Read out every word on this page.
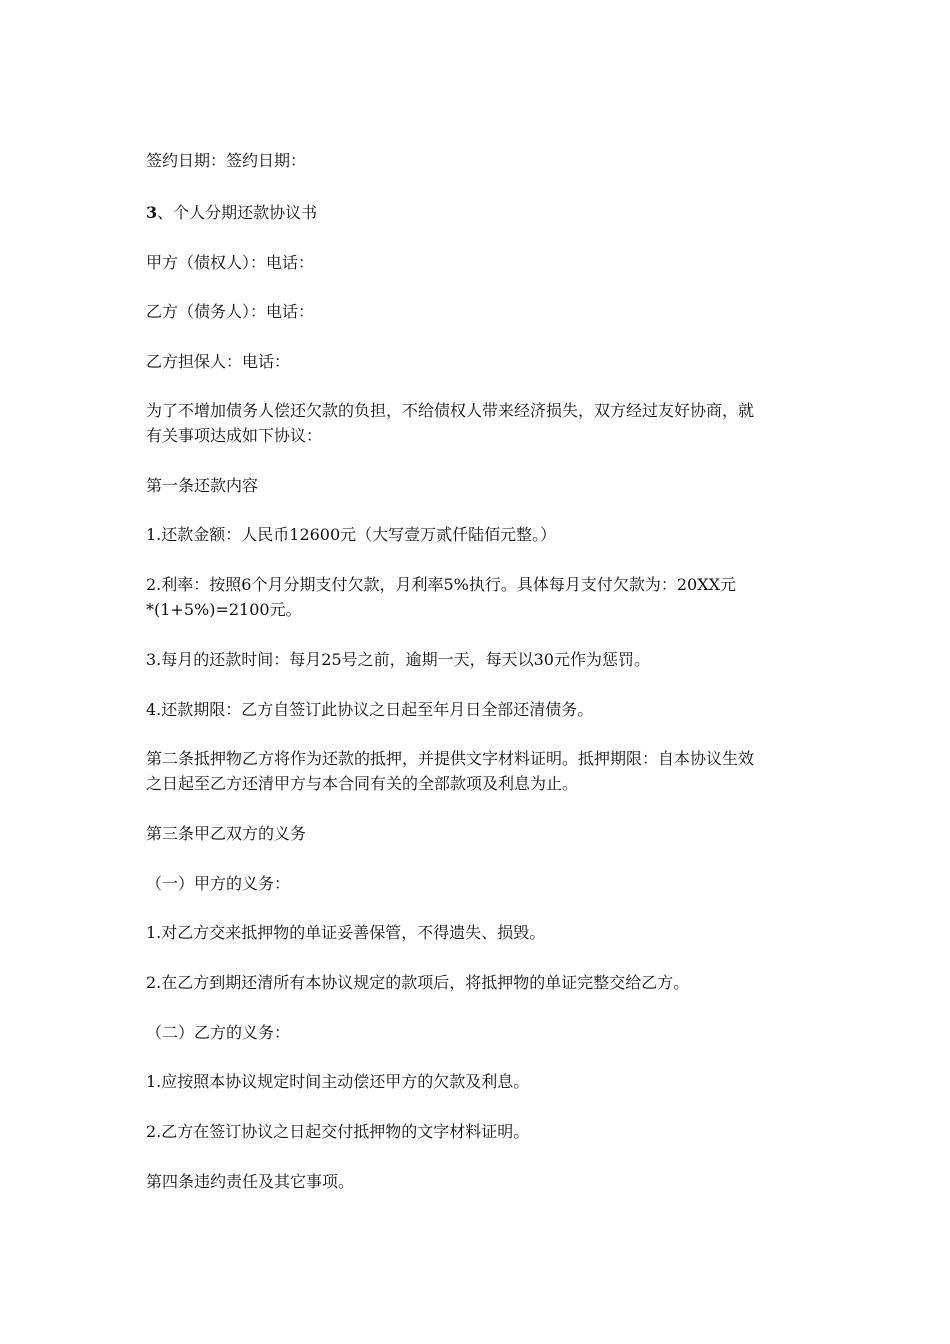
签约日期：签约日期：
3、个人分期还款协议书
甲方（债权人）：电话：
乙方（债务人）：电话：
乙方担保人：电话：
为了不增加债务人偿还欠款的负担，不给债权人带来经济损失，双方经过友好协商，就
有关事项达成如下协议：
第一条还款内容
1.还款金额：人民币12600元（大写壹万贰仟陆佰元整。）
2.利率：按照6个月分期支付欠款，月利率5%执行。具体每月支付欠款为：20XX元
*(1+5%)=2100元。
3.每月的还款时间：每月25号之前，逾期一天，每天以30元作为惩罚。
4.还款期限：乙方自签订此协议之日起至年月日全部还清债务。
第二条抵押物乙方将作为还款的抵押，并提供文字材料证明。抵押期限：自本协议生效
之日起至乙方还清甲方与本合同有关的全部款项及利息为止。
第三条甲乙双方的义务
（一）甲方的义务：
1.对乙方交来抵押物的单证妥善保管，不得遗失、损毁。
2.在乙方到期还清所有本协议规定的款项后，将抵押物的单证完整交给乙方。
（二）乙方的义务：
1.应按照本协议规定时间主动偿还甲方的欠款及利息。
2.乙方在签订协议之日起交付抵押物的文字材料证明。
第四条违约责任及其它事项。
